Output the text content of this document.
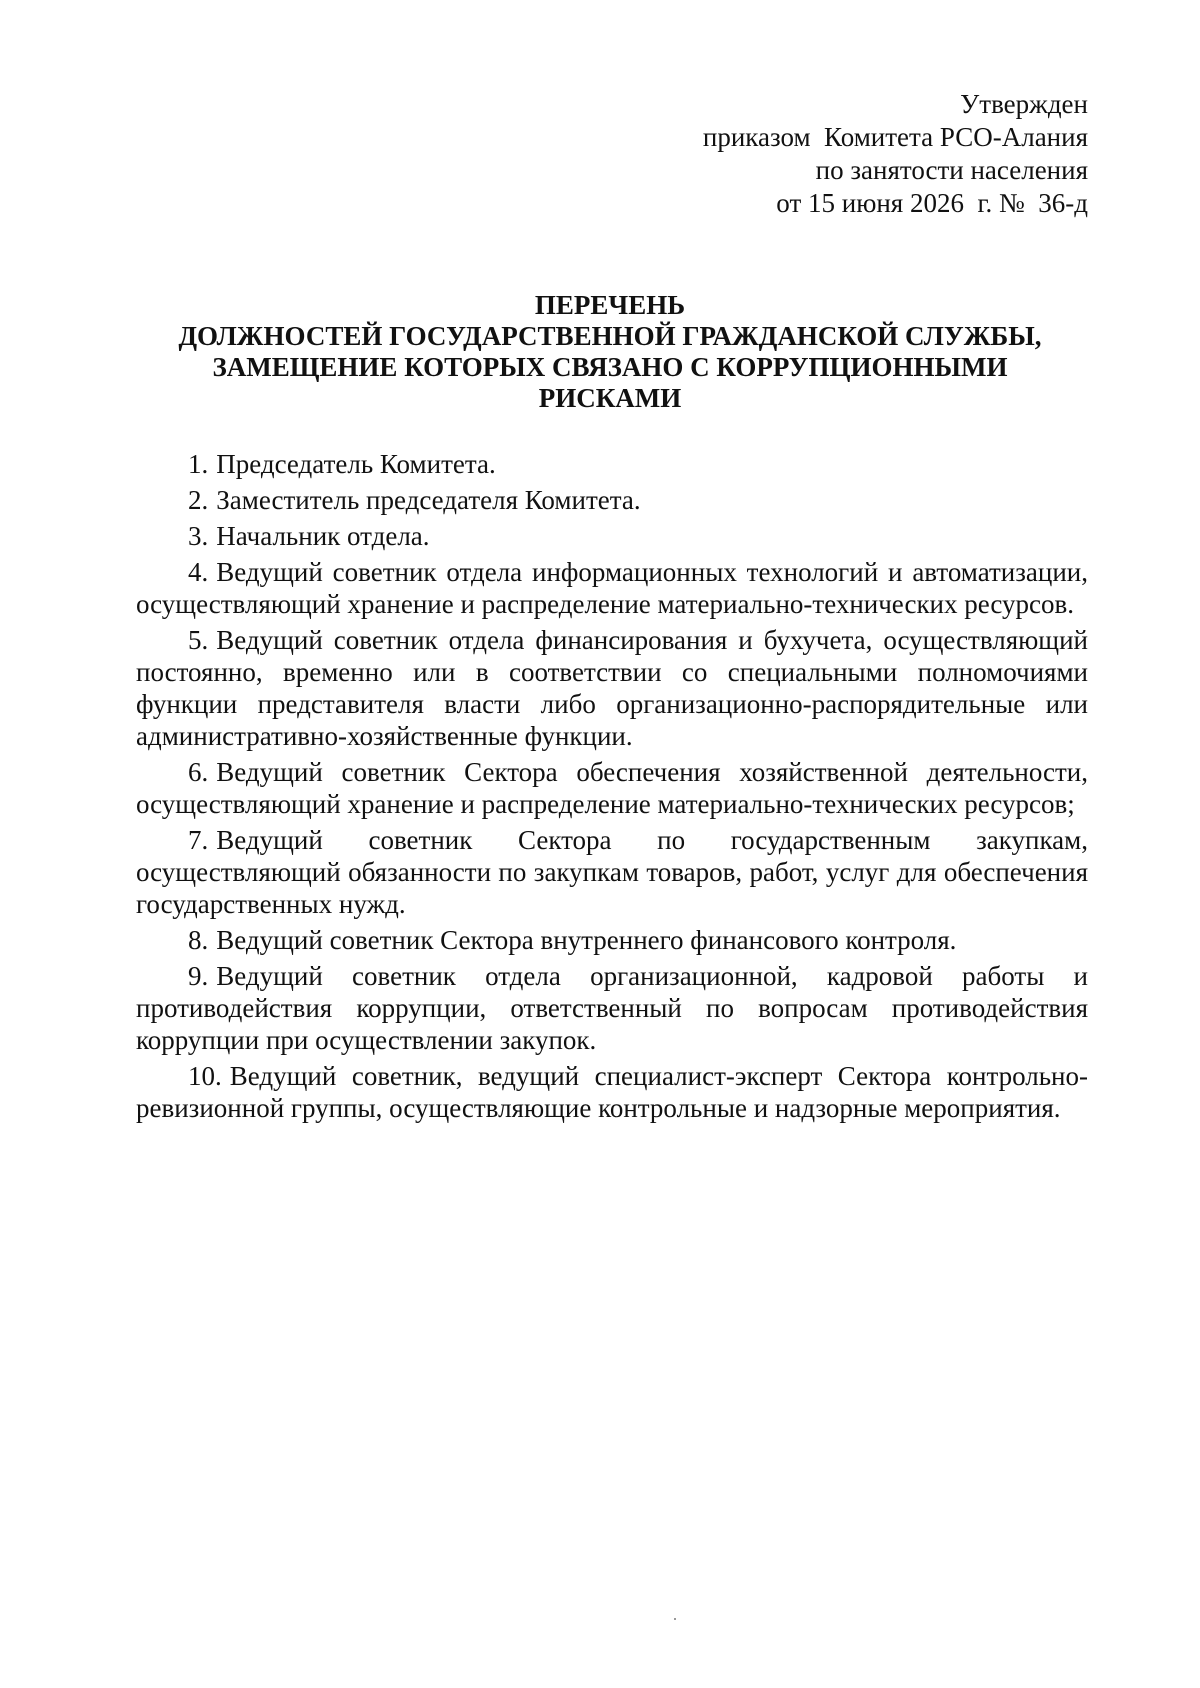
Утвержден
приказом  Комитета РСО-Алания
по занятости населения
от 15 июня 2026  г. №  36-д
ПЕРЕЧЕНЬ
ДОЛЖНОСТЕЙ ГОСУДАРСТВЕННОЙ ГРАЖДАНСКОЙ СЛУЖБЫ,
ЗАМЕЩЕНИЕ КОТОРЫХ СВЯЗАНО С КОРРУПЦИОННЫМИ
РИСКАМИ
1. Председатель Комитета.
2. Заместитель председателя Комитета.
3. Начальник отдела.
4. Ведущий советник отдела информационных технологий и автоматизации, осуществляющий хранение и распределение материально-технических ресурсов.
5. Ведущий советник отдела финансирования и бухучета, осуществляющий постоянно, временно или в соответствии со специальными полномочиями функции представителя власти либо организационно-распорядительные или административно-хозяйственные функции.
6. Ведущий советник Сектора обеспечения хозяйственной деятельности, осуществляющий хранение и распределение материально-технических ресурсов;
7. Ведущий советник Сектора по государственным закупкам, осуществляющий обязанности по закупкам товаров, работ, услуг для обеспечения государственных нужд.
8. Ведущий советник Сектора внутреннего финансового контроля.
9. Ведущий советник отдела организационной, кадровой работы и противодействия коррупции, ответственный по вопросам противодействия коррупции при осуществлении закупок.
10. Ведущий советник, ведущий специалист-эксперт Сектора контрольно-ревизионной группы, осуществляющие контрольные и надзорные мероприятия.
